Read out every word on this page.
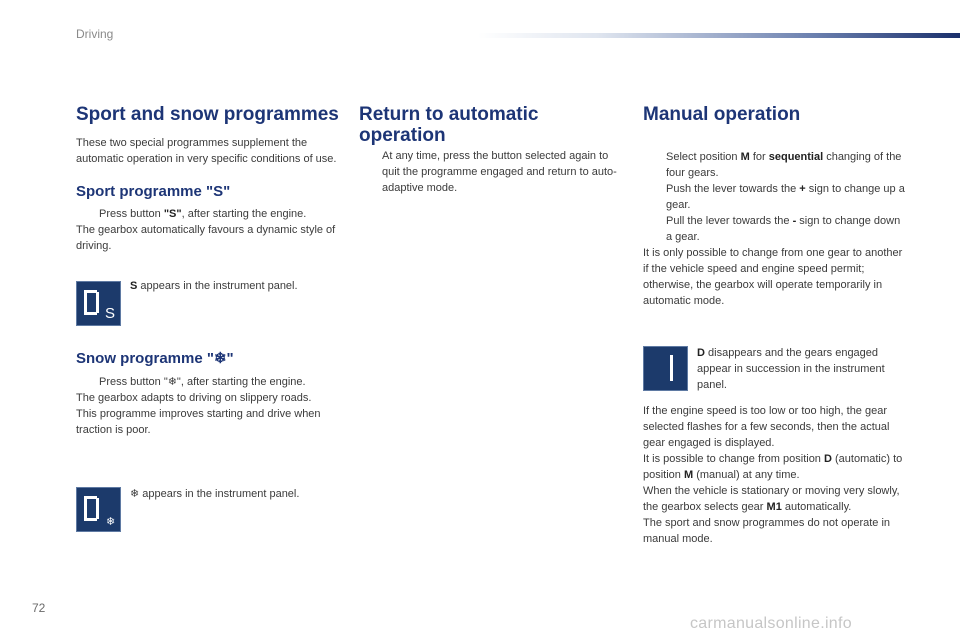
Driving
Sport and snow programmes
These two special programmes supplement the automatic operation in very specific conditions of use.
Sport programme "S"
Press button "S", after starting the engine.
The gearbox automatically favours a dynamic style of driving.
S
S appears in the instrument panel.
Snow programme "❄"
Press button "❄", after starting the engine.
The gearbox adapts to driving on slippery roads.
This programme improves starting and drive when traction is poor.
❄
❄ appears in the instrument panel.
Return to automatic
operation
At any time, press the button selected again to quit the programme engaged and return to auto-adaptive mode.
Manual operation
Select position M for sequential changing of the four gears.
Push the lever towards the + sign to change up a gear.
Pull the lever towards the - sign to change down a gear.
It is only possible to change from one gear to another if the vehicle speed and engine speed permit; otherwise, the gearbox will operate temporarily in automatic mode.
D disappears and the gears engaged appear in succession in the instrument panel.
If the engine speed is too low or too high, the gear selected flashes for a few seconds, then the actual gear engaged is displayed.
It is possible to change from position D (automatic) to position M (manual) at any time.
When the vehicle is stationary or moving very slowly, the gearbox selects gear M1 automatically.
The sport and snow programmes do not operate in manual mode.
72
carmanualsonline.info
